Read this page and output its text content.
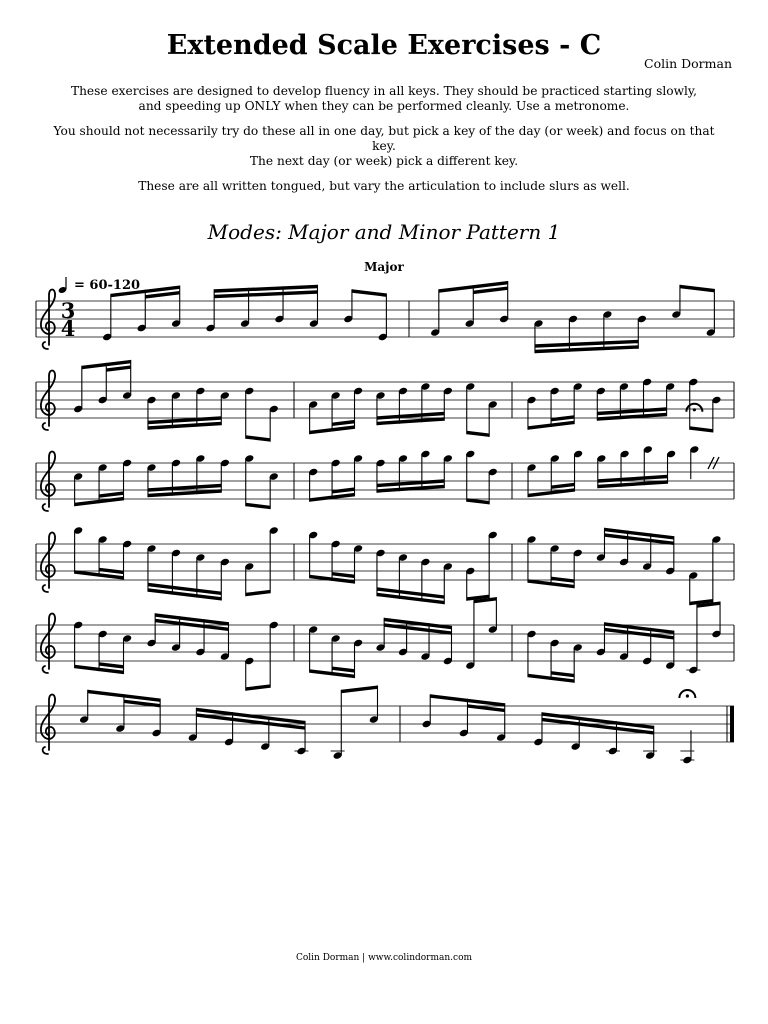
Extended Scale Exercises - C
Colin Dorman

These exercises are designed to develop fluency in all keys. They should be practiced starting slowly,
and speeding up ONLY when they can be performed cleanly. Use a metronome.

You should not necessarily try do these all in one day, but pick a key of the day (or week) and focus on that key.
The next day (or week) pick a different key.

These are all written tongued, but vary the articulation to include slurs as well.

Modes: Major and Minor Pattern 1
Major
= 60-120
3
4
Colin Dorman | www.colindorman.com
